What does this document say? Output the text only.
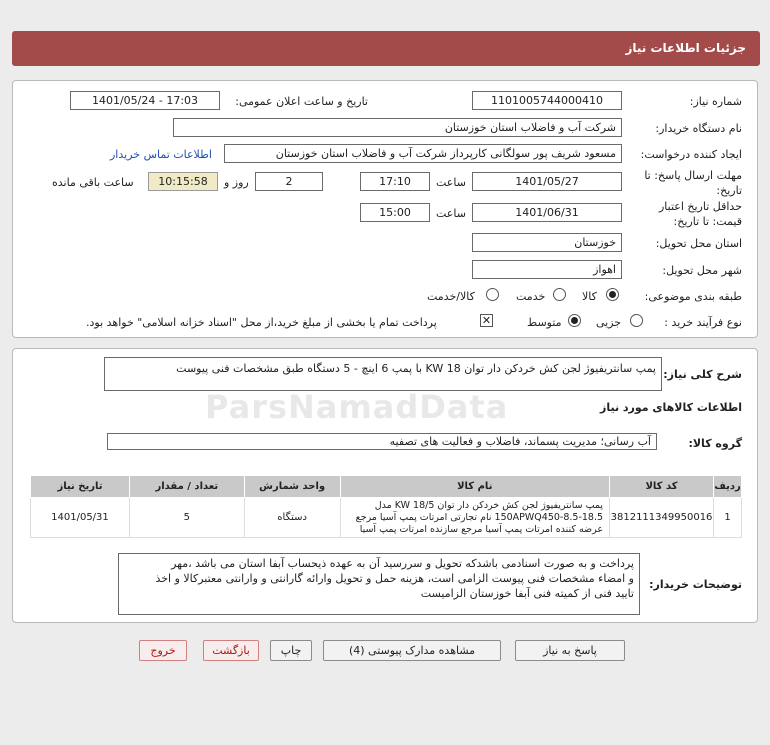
جزئیات اطلاعات نیاز
شماره نیاز:
1101005744000410
تاریخ و ساعت اعلان عمومی:
1401/05/24 - 17:03
نام دستگاه خریدار:
شرکت آب و فاضلاب استان خوزستان
ایجاد کننده درخواست:
مسعود شریف پور سولگانی کارپرداز شرکت آب و فاضلاب استان خوزستان
اطلاعات تماس خریدار
مهلت ارسال پاسخ: تا
تاریخ:
1401/05/27
ساعت
17:10
2
روز و
10:15:58
ساعت باقی مانده
حداقل تاریخ اعتبار
قیمت: تا تاریخ:
1401/06/31
ساعت
15:00
استان محل تحویل:
خوزستان
شهر محل تحویل:
اهواز
طبقه بندی موضوعی:
کالا
خدمت
کالا/خدمت
نوع فرآیند خرید :
جزیی
متوسط
✕
پرداخت تمام یا بخشی از مبلغ خرید،از محل "اسناد خزانه اسلامی" خواهد بود.
شرح کلی نیاز:
پمپ سانتریفیوژ لجن کش خردکن دار توان KW 18 با پمپ 6 اینچ - 5 دستگاه طبق مشخصات فنی پیوست
اطلاعات کالاهای مورد نیاز
گروه کالا:
آب رسانی؛ مدیریت پسماند، فاضلاب و فعالیت های تصفیه
ردیف	کد کالا	نام کالا	واحد شمارش	تعداد / مقدار	تاریخ نیاز
1	3812111349950016	پمپ سانتریفیوژ لجن کش خردکن دار توان KW 18/5 مدل
150APWQ450-8.5-18.5 نام تجارتی امرتات پمپ آسیا مرجع
عرضه کننده امرتات پمپ آسیا مرجع سازنده امرتات پمپ آسیا	دستگاه	5	1401/05/31
توضیحات خریدار:
پرداخت و به صورت اسنادمی باشدکه تحویل و سررسید آن به عهده ذیحساب آبفا استان می باشد ،مهر
و امضاء مشخصات فنی پیوست الزامی است، هزینه حمل و تحویل وارائه گارانتی و وارانتی معتبرکالا و اخذ
تایید فنی از کمیته فنی آبفا خوزستان الزامیست
ParsNamadData
پاسخ به نیاز
مشاهده مدارک پیوستی (4)
چاپ
بازگشت
خروج
